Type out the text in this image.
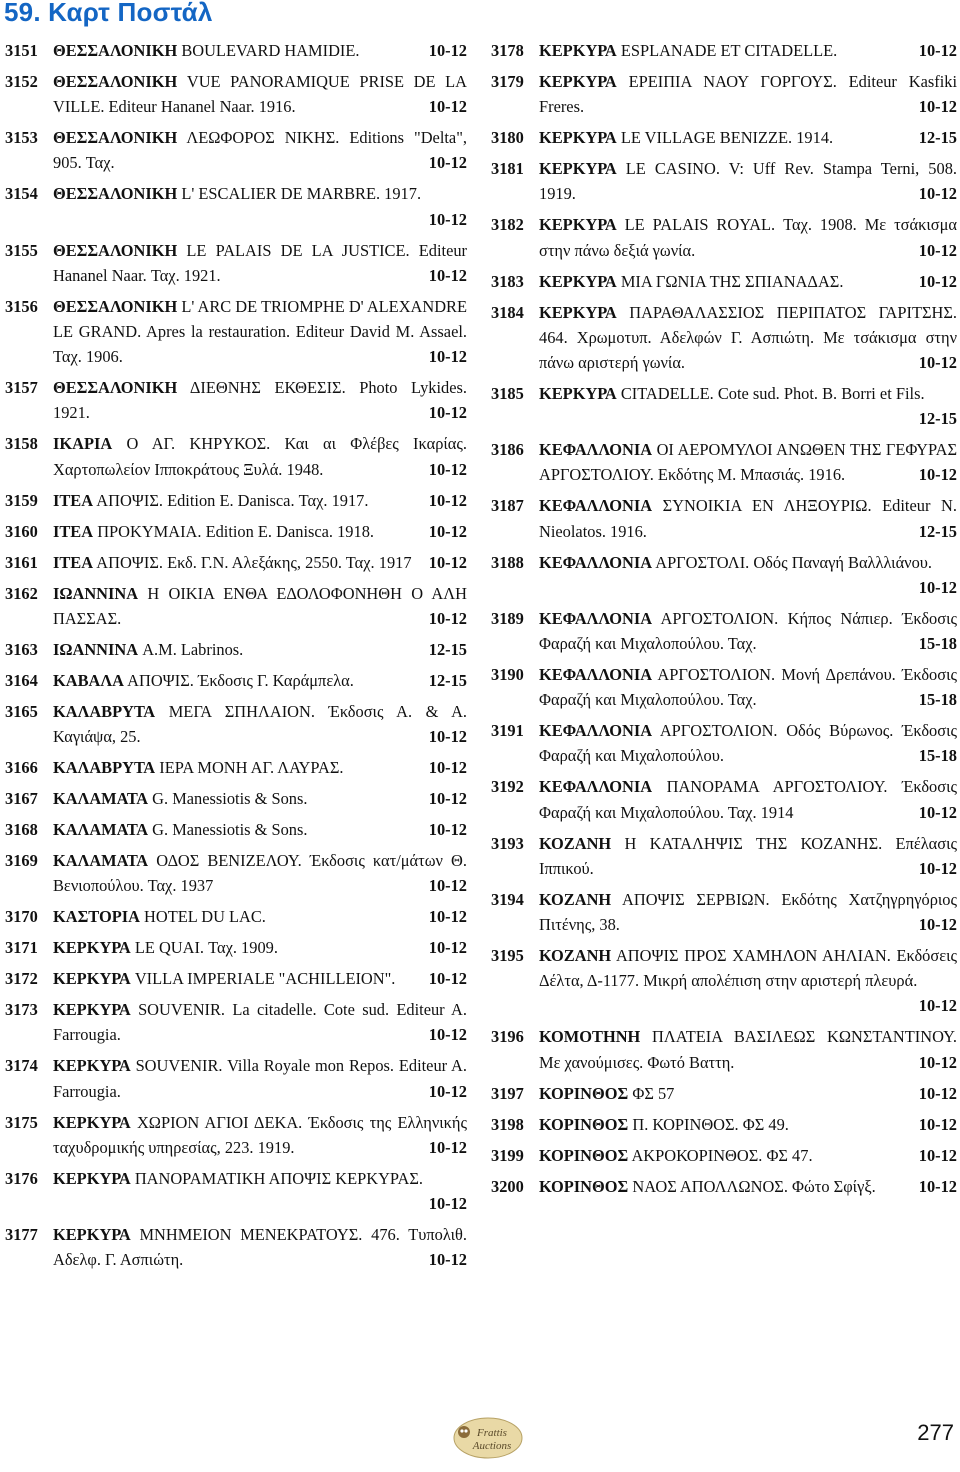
59. Καρτ Ποστάλ
3151 ΘΕΣΣΑΛΟΝΙΚΗ BOULEVARD HAMIDIE.	10-12
3152 ΘΕΣΣΑΛΟΝΙΚΗ VUE PANORAMIQUE PRISE DE LA VILLE. Editeur Hananel Naar. 1916.	10-12
3153 ΘΕΣΣΑΛΟΝΙΚΗ ΛΕΩΦΟΡΟΣ ΝΙΚΗΣ. Editions "Delta", 905. Ταχ.	10-12
3154 ΘΕΣΣΑΛΟΝΙΚΗ L' ESCALIER DE MARBRE. 1917.
10-12
3155 ΘΕΣΣΑΛΟΝΙΚΗ LE PALAIS DE LA JUSTICE. Editeur Hananel Naar. Ταχ. 1921.	10-12
3156 ΘΕΣΣΑΛΟΝΙΚΗ L' ARC DE TRIOMPHE D' ALEXANDRE LE GRAND. Apres la restauration. Editeur David M. Assael. Ταχ. 1906.	10-12
3157 ΘΕΣΣΑΛΟΝΙΚΗ ΔΙΕΘΝΗΣ ΕΚΘΕΣΙΣ. Photo Lykides. 1921.	10-12
3158 ΙΚΑΡΙΑ Ο ΑΓ. ΚΗΡΥΚΟΣ. Και αι Φλέβες Ικαρίας. Χαρτοπωλείον Ιπποκράτους Ξυλά. 1948.	10-12
3159 ΙΤΕΑ ΑΠΟΨΙΣ. Edition E. Danisca. Ταχ. 1917.	10-12
3160 ΙΤΕΑ ΠΡΟΚΥΜΑΙΑ. Edition E. Danisca. 1918.	10-12
3161 ΙΤΕΑ ΑΠΟΨΙΣ. Εκδ. Γ.Ν. Αλεξάκης, 2550. Ταχ. 1917 10-12
3162 ΙΩΑΝΝΙΝΑ Η ΟΙΚΙΑ ΕΝΘΑ ΕΔΟΛΟΦΟΝΗΘΗ Ο ΑΛΗ ΠΑΣΣΑΣ.	10-12
3163 ΙΩΑΝΝΙΝΑ A.M. Labrinos.	12-15
3164 ΚΑΒΑΛΑ ΑΠΟΨΙΣ. Έκδοσις Γ. Καράμπελα.	12-15
3165 ΚΑΛΑΒΡΥΤΑ ΜΕΓΑ ΣΠΗΛΑΙΟΝ. Έκδοσις Α. & Α. Καγιάψα, 25.	10-12
3166 ΚΑΛΑΒΡΥΤΑ ΙΕΡΑ ΜΟΝΗ ΑΓ. ΛΑΥΡΑΣ.	10-12
3167 ΚΑΛΑΜΑΤΑ G. Manessiotis & Sons.	10-12
3168 ΚΑΛΑΜΑΤΑ G. Manessiotis & Sons.	10-12
3169 ΚΑΛΑΜΑΤΑ ΟΔΟΣ ΒΕΝΙΖΕΛΟΥ. Έκδοσις κατ/μάτων Θ. Βενιοπούλου. Ταχ. 1937	10-12
3170 ΚΑΣΤΟΡΙΑ HOTEL DU LAC.	10-12
3171 ΚΕΡΚΥΡΑ LE QUAI. Ταχ. 1909.	10-12
3172 ΚΕΡΚΥΡΑ VILLA IMPERIALE "ACHILLEION". 10-12
3173 ΚΕΡΚΥΡΑ SOUVENIR. La citadelle. Cote sud. Editeur A. Farrougia.	10-12
3174 ΚΕΡΚΥΡΑ SOUVENIR. Villa Royale mon Repos. Editeur A. Farrougia.	10-12
3175 ΚΕΡΚΥΡΑ ΧΩΡΙΟΝ ΑΓΙΟΙ ΔΕΚΑ. Έκδοσις της Ελληνικής ταχυδρομικής υπηρεσίας, 223. 1919.	10-12
3176 ΚΕΡΚΥΡΑ ΠΑΝΟΡΑΜΑΤΙΚΗ ΑΠΟΨΙΣ ΚΕΡΚΥΡΑΣ.
10-12
3177 ΚΕΡΚΥΡΑ ΜΝΗΜΕΙΟΝ ΜΕΝΕΚΡΑΤΟΥΣ. 476. Τυπολιθ. Αδελφ. Γ. Ασπιώτη.	10-12
3178 ΚΕΡΚΥΡΑ ESPLANADE ET CITADELLE.	10-12
3179 ΚΕΡΚΥΡΑ ΕΡΕΙΠΙΑ ΝΑΟΥ ΓΟΡΓΟΥΣ. Editeur Kasfiki Freres.	10-12
3180 ΚΕΡΚΥΡΑ LE VILLAGE BENIZZE. 1914.	12-15
3181 ΚΕΡΚΥΡΑ LE CASINO. V: Uff Rev. Stampa Terni, 508. 1919.	10-12
3182 ΚΕΡΚΥΡΑ LE PALAIS ROYAL. Ταχ. 1908. Με τσάκισμα στην πάνω δεξιά γωνία.	10-12
3183 ΚΕΡΚΥΡΑ ΜΙΑ ΓΩΝΙΑ ΤΗΣ ΣΠΙΑΝΑΔΑΣ.	10-12
3184 ΚΕΡΚΥΡΑ ΠΑΡΑΘΑΛΑΣΣΙΟΣ ΠΕΡΙΠΑΤΟΣ ΓΑΡΙΤΣΗΣ. 464. Χρωμοτυπ. Αδελφών Γ. Ασπιώτη. Με τσάκισμα στην πάνω αριστερή γωνία.	10-12
3185 ΚΕΡΚΥΡΑ CITADELLE. Cote sud. Phot. B. Borri et Fils.
12-15
3186 ΚΕΦΑΛΛΟΝΙΑ ΟΙ ΑΕΡΟΜΥΛΟΙ ΑΝΩΘΕΝ ΤΗΣ ΓΕΦΥΡΑΣ ΑΡΓΟΣΤΟΛΙΟΥ. Εκδότης Μ. Μπασιάς. 1916.	10-12
3187 ΚΕΦΑΛΛΟΝΙΑ ΣΥΝΟΙΚΙΑ ΕΝ ΛΗΞΟΥΡΙΩ. Editeur N. Nieolatos. 1916.	12-15
3188 ΚΕΦΑΛΛΟΝΙΑ ΑΡΓΟΣΤΟΛΙ. Οδός Παναγή Βαλλλιάνου.
10-12
3189 ΚΕΦΑΛΛΟΝΙΑ ΑΡΓΟΣΤΟΛΙΟΝ. Κήπος Νάπιερ. Έκδοσις Φαραζή και Μιχαλοπούλου. Ταχ.	15-18
3190 ΚΕΦΑΛΛΟΝΙΑ ΑΡΓΟΣΤΟΛΙΟΝ. Μονή Δρεπάνου. Έκδοσις Φαραζή και Μιχαλοπούλου. Ταχ.	15-18
3191 ΚΕΦΑΛΛΟΝΙΑ ΑΡΓΟΣΤΟΛΙΟΝ. Οδός Βύρωνος. Έκδοσις Φαραζή και Μιχαλοπούλου.	15-18
3192 ΚΕΦΑΛΛΟΝΙΑ ΠΑΝΟΡΑΜΑ ΑΡΓΟΣΤΟΛΙΟΥ. Έκδοσις Φαραζή και Μιχαλοπούλου. Ταχ. 1914	10-12
3193 ΚΟΖΑΝΗ Η ΚΑΤΑΛΗΨΙΣ ΤΗΣ ΚΟΖΑΝΗΣ. Επέλασις Ιππικού.	10-12
3194 ΚΟΖΑΝΗ ΑΠΟΨΙΣ ΣΕΡΒΙΩΝ. Εκδότης Χατζηγρηγόριος Πιτένης, 38.	10-12
3195 ΚΟΖΑΝΗ ΑΠΟΨΙΣ ΠΡΟΣ ΧΑΜΗΛΟΝ ΑΗΛΙΑΝ. Εκδόσεις Δέλτα, Δ-1177. Μικρή απολέπιση στην αριστερή πλευρά.
10-12
3196 ΚΟΜΟΤΗΝΗ ΠΛΑΤΕΙΑ ΒΑΣΙΛΕΩΣ ΚΩΝΣΤΑΝΤΙΝΟΥ. Με χανούμισες. Φωτό Βαττη.	10-12
3197 ΚΟΡΙΝΘΟΣ ΦΣ 57	10-12
3198 ΚΟΡΙΝΘΟΣ Π. ΚΟΡΙΝΘΟΣ. ΦΣ 49.	10-12
3199 ΚΟΡΙΝΘΟΣ ΑΚΡΟΚΟΡΙΝΘΟΣ. ΦΣ 47.	10-12
3200 ΚΟΡΙΝΘΟΣ ΝΑΟΣ ΑΠΟΛΛΩΝΟΣ. Φώτο Σφίγξ.	10-12
Frattis
Auctions
277
